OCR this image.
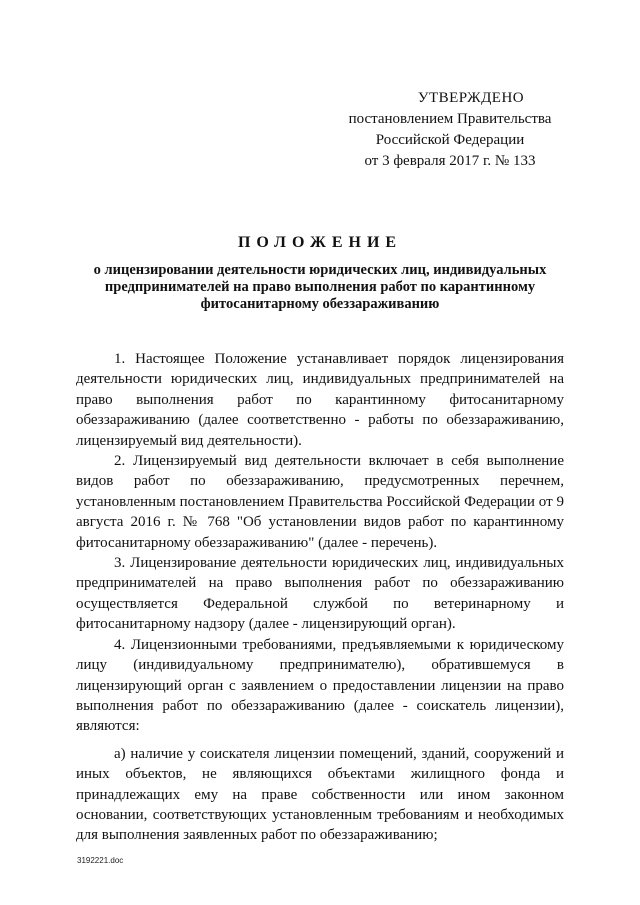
УТВЕРЖДЕНО
постановлением Правительства
Российской Федерации
от 3 февраля 2017 г. № 133
ПОЛОЖЕНИЕ
о лицензировании деятельности юридических лиц, индивидуальных предпринимателей на право выполнения работ по карантинному фитосанитарному обеззараживанию

1. Настоящее Положение устанавливает порядок лицензирования деятельности юридических лиц, индивидуальных предпринимателей на право выполнения работ по карантинному фитосанитарному обеззараживанию (далее соответственно - работы по обеззараживанию, лицензируемый вид деятельности).

2. Лицензируемый вид деятельности включает в себя выполнение видов работ по обеззараживанию, предусмотренных перечнем, установленным постановлением Правительства Российской Федерации от 9 августа 2016 г. № 768 "Об установлении видов работ по карантинному фитосанитарному обеззараживанию" (далее - перечень).

3. Лицензирование деятельности юридических лиц, индивидуальных предпринимателей на право выполнения работ по обеззараживанию осуществляется Федеральной службой по ветеринарному и фитосанитарному надзору (далее - лицензирующий орган).

4. Лицензионными требованиями, предъявляемыми к юридическому лицу (индивидуальному предпринимателю), обратившемуся в лицензирующий орган с заявлением о предоставлении лицензии на право выполнения работ по обеззараживанию (далее - соискатель лицензии), являются:

а) наличие у соискателя лицензии помещений, зданий, сооружений и иных объектов, не являющихся объектами жилищного фонда и принадлежащих ему на праве собственности или ином законном основании, соответствующих установленным требованиям и необходимых для выполнения заявленных работ по обеззараживанию;

3192221.doc
